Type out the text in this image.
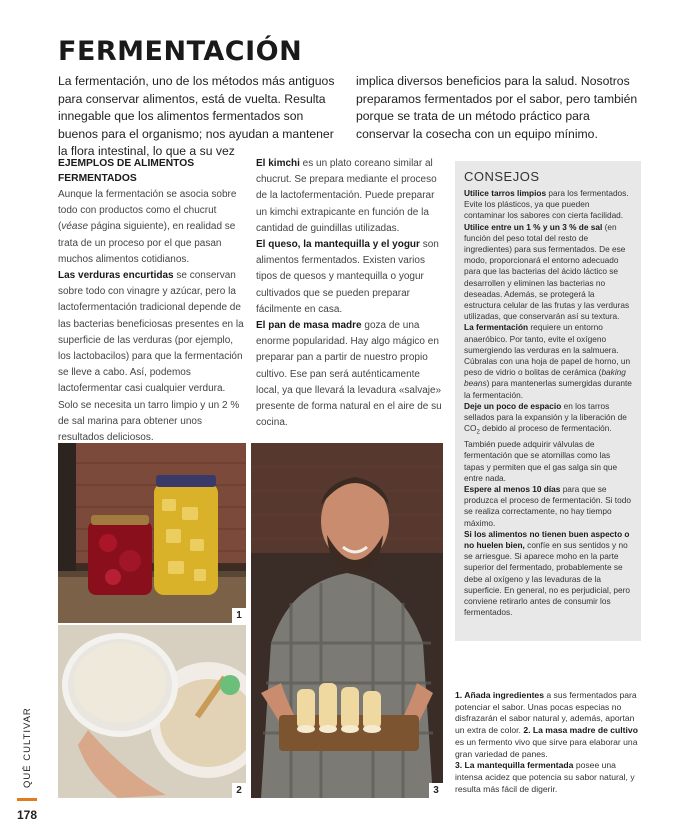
FERMENTACIÓN

La fermentación, uno de los métodos más antiguos para conservar alimentos, está de vuelta. Resulta innegable que los alimentos fermentados son buenos para el organismo; nos ayudan a mantener la flora intestinal, lo que a su vez

implica diversos beneficios para la salud. Nosotros preparamos fermentados por el sabor, pero también porque se trata de un método práctico para conservar la cosecha con un equipo mínimo.

EJEMPLOS DE ALIMENTOS FERMENTADOS

Aunque la fermentación se asocia sobre todo con productos como el chucrut (véase página siguiente), en realidad se trata de un proceso por el que pasan muchos alimentos cotidianos.

Las verduras encurtidas se conservan sobre todo con vinagre y azúcar, pero la lactofermentación tradicional depende de las bacterias beneficiosas presentes en la superficie de las verduras (por ejemplo, los lactobacilos) para que la fermentación se lleve a cabo. Así, podemos lactofermentar casi cualquier verdura. Solo se necesita un tarro limpio y un 2 % de sal marina para obtener unos resultados deliciosos.

El kimchi es un plato coreano similar al chucrut. Se prepara mediante el proceso de la lactofermentación. Puede preparar un kimchi extrapicante en función de la cantidad de guindillas utilizadas.

El queso, la mantequilla y el yogur son alimentos fermentados. Existen varios tipos de quesos y mantequilla o yogur cultivados que se pueden preparar fácilmente en casa.

El pan de masa madre goza de una enorme popularidad. Hay algo mágico en preparar pan a partir de nuestro propio cultivo. Ese pan será auténticamente local, ya que llevará la levadura «salvaje» presente de forma natural en el aire de su cocina.

CONSEJOS

Utilice tarros limpios para los fermentados. Evite los plásticos, ya que pueden contaminar los sabores con cierta facilidad.

Utilice entre un 1 % y un 3 % de sal (en función del peso total del resto de ingredientes) para sus fermentados. De ese modo, proporcionará el entorno adecuado para que las bacterias del ácido láctico se desarrollen y eliminen las bacterias no deseadas. Además, se protegerá la estructura celular de las frutas y las verduras utilizadas, que conservarán así su textura.

La fermentación requiere un entorno anaeróbico. Por tanto, evite el oxígeno sumergiendo las verduras en la salmuera. Cúbralas con una hoja de papel de horno, un peso de vidrio o bolitas de cerámica (baking beans) para mantenerlas sumergidas durante la fermentación.

Deje un poco de espacio en los tarros sellados para la expansión y la liberación de $CO_2$ debido al proceso de fermentación. También puede adquirir válvulas de fermentación que se atornillas como las tapas y permiten que el gas salga sin que entre nada.

Espere al menos 10 días para que se produzca el proceso de fermentación. Si todo se realiza correctamente, no hay tiempo máximo.

Si los alimentos no tienen buen aspecto o no huelen bien, confíe en sus sentidos y no se arriesgue. Si aparece moho en la parte superior del fermentado, probablemente se debe al oxígeno y las levaduras de la superficie. En general, no es perjudicial, pero conviene retirarlo antes de consumir los fermentados.

1
2	3
1. Añada ingredientes a sus fermentados para potenciar el sabor. Unas pocas especias no disfrazarán el sabor natural y, además, aportan un extra de color. 2. La masa madre de cultivo es un fermento vivo que sirve para elaborar una gran variedad de panes.
3. La mantequilla fermentada posee una intensa acidez que potencia su sabor natural, y resulta más fácil de digerir.
QUÉ CULTIVAR
178
